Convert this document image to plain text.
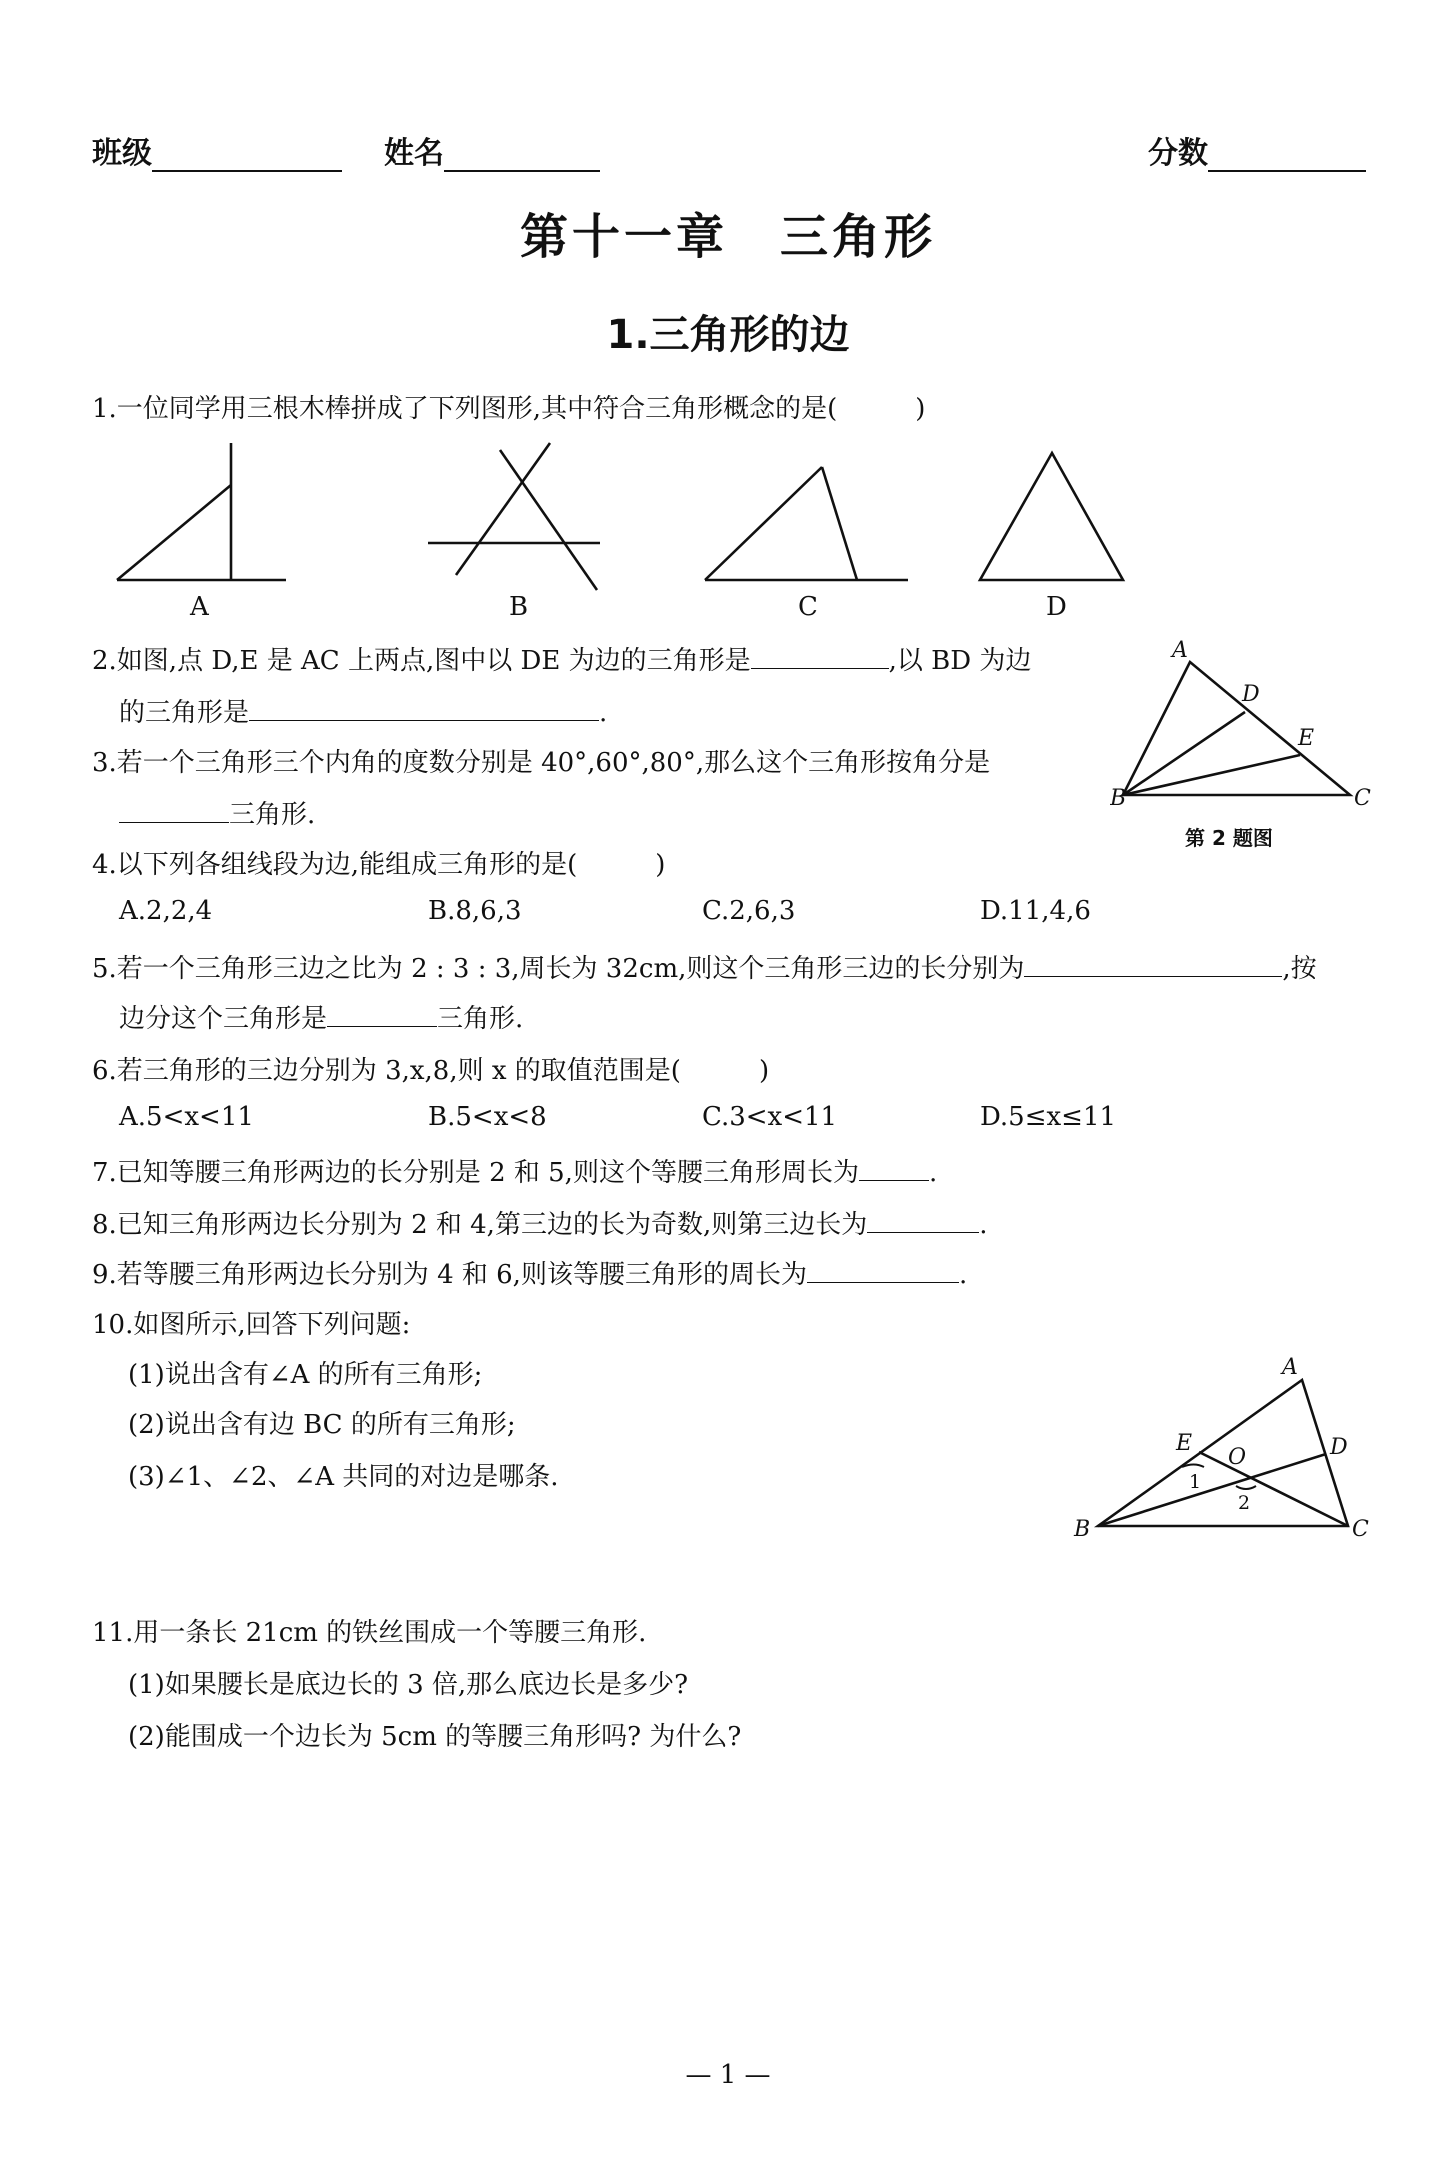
班级	姓名	分数
第十一章　三角形
1.三角形的边
1.一位同学用三根木棒拼成了下列图形,其中符合三角形概念的是(　　　)
A	B	C	D
2.如图,点 D,E 是 AC 上两点,图中以 DE 为边的三角形是	,以 BD 为边
的三角形是	.
A
D
E
B	C
第 2 题图
3.若一个三角形三个内角的度数分别是 40°,60°,80°,那么这个三角形按角分是
三角形.
4.以下列各组线段为边,能组成三角形的是(　　　)
A.2,2,4	B.8,6,3	C.2,6,3	D.11,4,6
5.若一个三角形三边之比为 2 : 3 : 3,周长为 32cm,则这个三角形三边的长分别为	,按
边分这个三角形是	三角形.
6.若三角形的三边分别为 3,x,8,则 x 的取值范围是(　　　)
A.5<x<11	B.5<x<8	C.3<x<11	D.5≤x≤11
7.已知等腰三角形两边的长分别是 2 和 5,则这个等腰三角形周长为	.
8.已知三角形两边长分别为 2 和 4,第三边的长为奇数,则第三边长为	.
9.若等腰三角形两边长分别为 4 和 6,则该等腰三角形的周长为	.
10.如图所示,回答下列问题:
(1)说出含有∠A 的所有三角形;
(2)说出含有边 BC 的所有三角形;
(3)∠1、∠2、∠A 共同的对边是哪条.
A
D
E
O
1
2
B	C
11.用一条长 21cm 的铁丝围成一个等腰三角形.
(1)如果腰长是底边长的 3 倍,那么底边长是多少?
(2)能围成一个边长为 5cm 的等腰三角形吗? 为什么?
— 1 —
